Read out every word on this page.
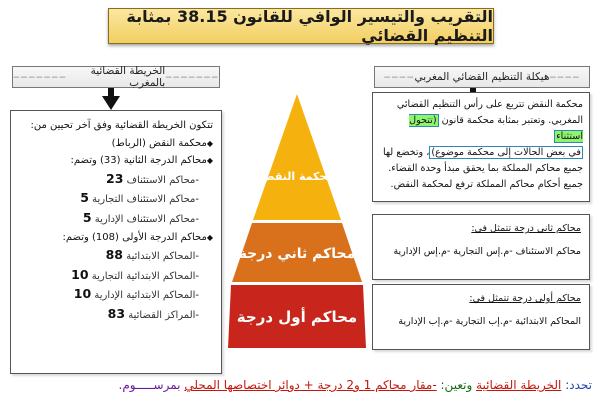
التقريب والتيسير الوافي للقانون 38.15 بمثابة التنظيم القضائي
‒‒‒‒‒‒‒
الخريطة القضائية بالمغرب
‒‒‒‒‒‒‒	‒‒‒‒
هيكلة التنظيم القضائي المغربي
‒‒‒‒
تتكون الخريطة القضائية وفق آخر تحيين من:
◆ محكمة النقض (الرباط)
◆ محاكم الدرجة الثانية (33) وتضم:
-محاكم الاستئناف 23
-محاكم الاستئناف التجارية 5
-محاكم الاستئناف الإدارية 5
◆ محاكم الدرجة الأولى (108) وتضم:
-المحاكم الابتدائية 88
-المحاكم الابتدائية التجارية 10
-المحاكم الابتدائية الإدارية 10
-المراكز القضائية 83
محكمة النقض
محاكم ثاني درجة
محاكم أول درجة
محكمة النقض تتربع على رأس التنظيم القضائي
المغربي. وتعتبر بمثابة محكمة قانون (تتحول استثناء
في بعض الحالات إلى محكمة موضوع)، وتخضع لها
جميع محاكم المملكة بما يحقق مبدأ وحدة القضاء.
جميع أحكام محاكم المملكة ترفع لمحكمة النقض.
محاكم ثاني درجة تتمثل في:
محاكم الاستئناف -م.إس التجارية -م.إس الإدارية
محاكم أولى درجة تتمثل في:
المحاكم الابتدائية -م.إب التجارية -م.إب الإدارية
تحدد:

الخريطة القضائية

وتعين:

-مقار محاكم 1 و2 درجة + دوائر اختصاصها المحلي

بمرســـــوم.
